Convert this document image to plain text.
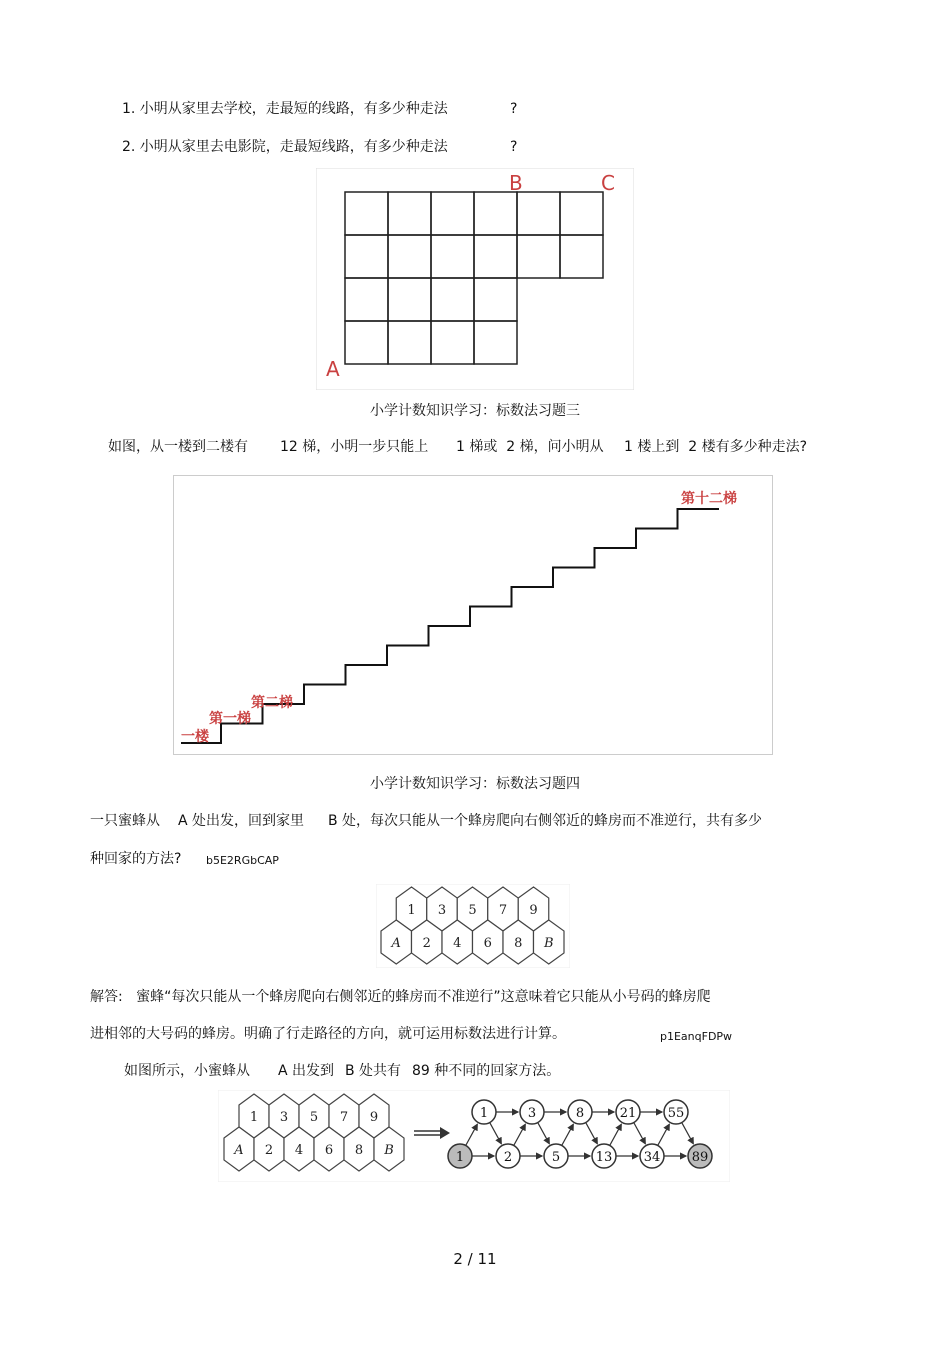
1. 小明从家里去学校，走最短的线路，有多少种走法	?
2. 小明从家里去电影院，走最短线路，有多少种走法	?
A
B	C
小学计数知识学习：标数法习题三
如图，从一楼到二楼有 12 梯，小明一步只能上 1 梯或  2 梯，问小明从 1 楼上到  2 楼有多少种走法?
一楼
第一梯
第二梯
第十二梯
小学计数知识学习：标数法习题四
一只蜜蜂从 A 处出发，回到家里 B 处，每次只能从一个蜂房爬向右侧邻近的蜂房而不准逆行，共有多少
种回家的方法? b5E2RGbCAP
1 3 5 7 9
A 2 4 6 8 B
解答:   蜜蜂“每次只能从一个蜂房爬向右侧邻近的蜂房而不准逆行”这意味着它只能从小号码的蜂房爬
进相邻的大号码的蜂房。明确了行走路径的方向，就可运用标数法进行计算。	p1EanqFDPw
如图所示，小蜜蜂从 A 出发到 B 处共有 89 种不同的回家方法。
1 3 5 7 9
A 2 4 6 8 B	1	2	5	13 34 89
1	3	8	21 55
2 / 11
